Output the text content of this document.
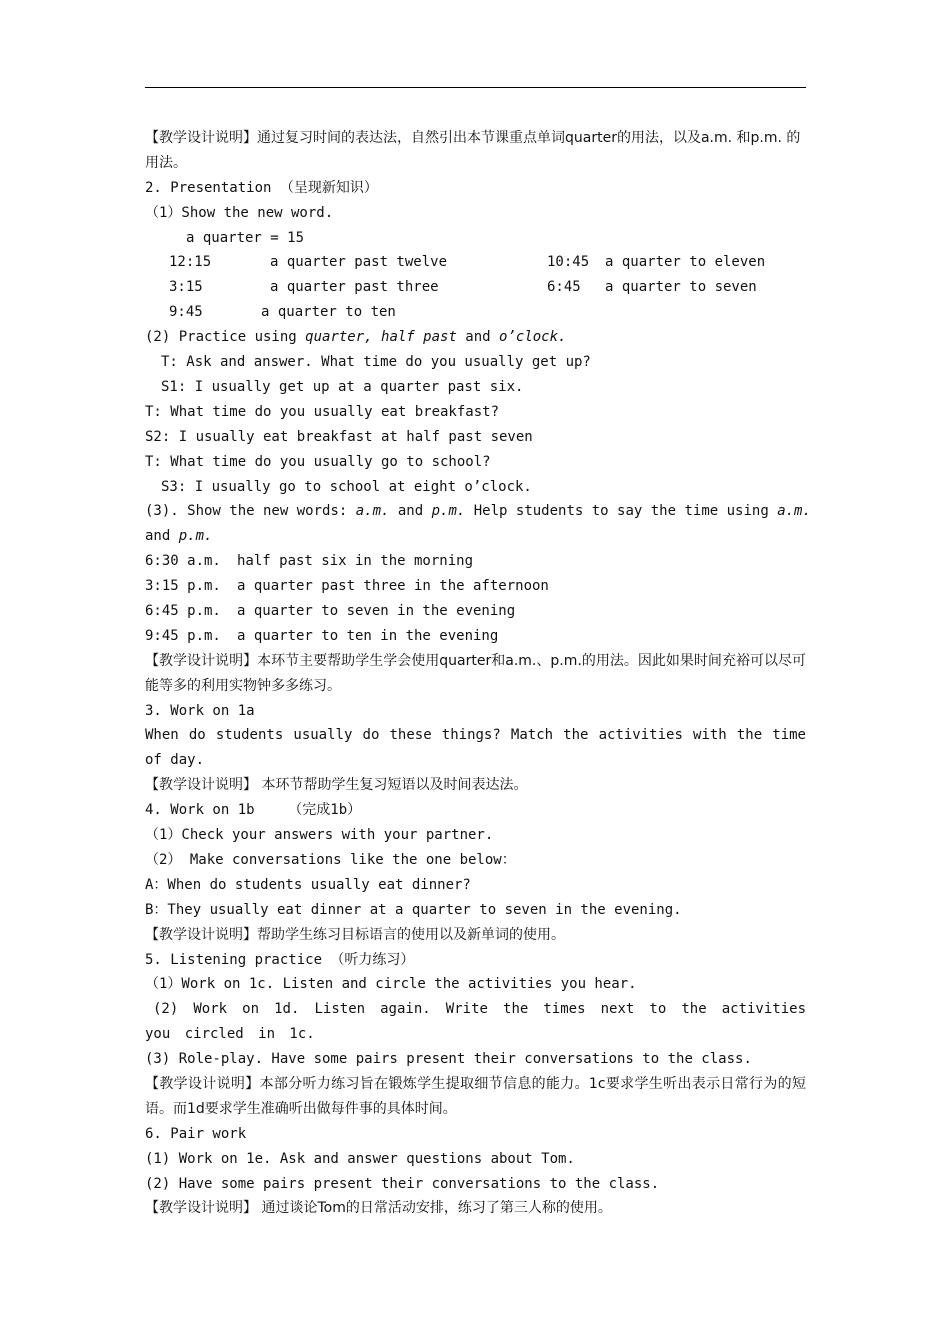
【教学设计说明】通过复习时间的表达法，自然引出本节课重点单词quarter的用法，以及a.m. 和p.m. 的用法。
2. Presentation （呈现新知识）
（1）Show the new word.
a quarter = 15
12:15	a quarter past twelve	10:45 a quarter to eleven
3:15	a quarter past three	6:45 a quarter to seven
9:45	a quarter to ten
(2) Practice using quarter, half past and o’clock.
T: Ask and answer. What time do you usually get up?
S1: I usually get up at a quarter past six.
T: What time do you usually eat breakfast?
S2: I usually eat breakfast at half past seven
T: What time do you usually go to school?
S3: I usually go to school at eight o’clock.
(3). Show the new words: a.m. and p.m. Help students to say the time using a.m.
and p.m.
6:30 a.m. half past six in the morning
3:15 p.m. a quarter past three in the afternoon
6:45 p.m. a quarter to seven in the evening
9:45 p.m. a quarter to ten in the evening
【教学设计说明】本环节主要帮助学生学会使用quarter和a.m.、p.m.的用法。因此如果时间充裕可以尽可能等多的利用实物钟多多练习。
3. Work on 1a
When do students usually do these things? Match the activities with the time of day.
【教学设计说明】 本环节帮助学生复习短语以及时间表达法。
4. Work on 1b    （完成1b）
（1）Check your answers with your partner.
（2） Make conversations like the one below：
A：When do students usually eat dinner?
B：They usually eat dinner at a quarter to seven in the evening.
【教学设计说明】帮助学生练习目标语言的使用以及新单词的使用。
5. Listening practice （听力练习）
（1）Work on 1c. Listen and circle the activities you hear.
(2) Work on 1d. Listen again. Write the times next to the activities you circled in 1c.
(3) Role-play. Have some pairs present their conversations to the class.
【教学设计说明】本部分听力练习旨在锻炼学生提取细节信息的能力。1c要求学生听出表示日常行为的短语。而1d要求学生准确听出做每件事的具体时间。
6. Pair work
(1) Work on 1e. Ask and answer questions about Tom.
(2) Have some pairs present their conversations to the class.
【教学设计说明】 通过谈论Tom的日常活动安排，练习了第三人称的使用。
